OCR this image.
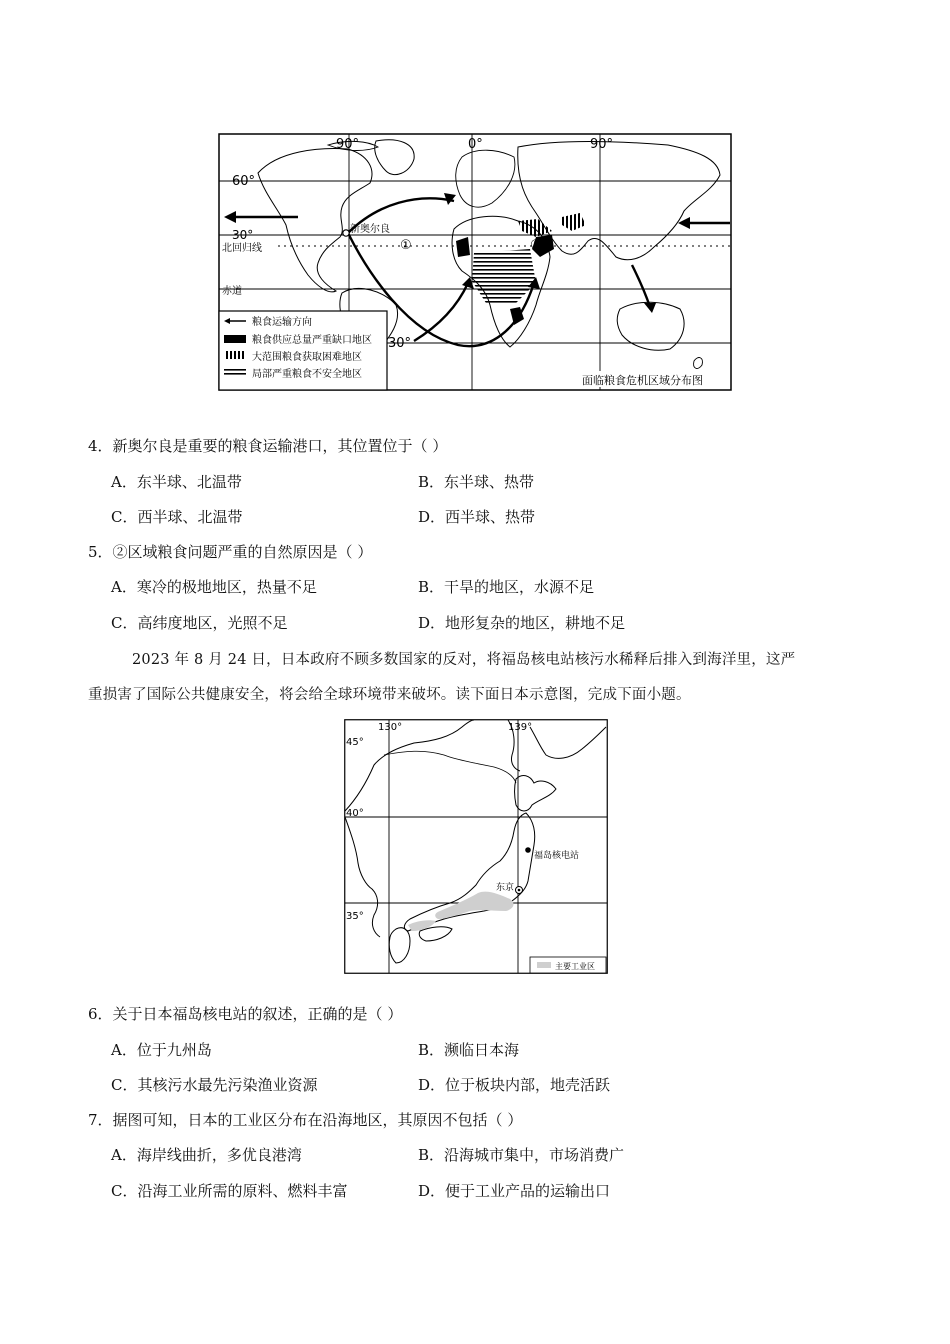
90°	0°	90°
60°
30°
30°
北回归线
赤道
新奥尔良
①	③
粮食运输方向
粮食供应总量严重缺口地区
大范围粮食获取困难地区
局部严重粮食不安全地区	面临粮食危机区域分布图
4．新奥尔良是重要的粮食运输港口，其位置位于（ ）
A．东半球、北温带	B．东半球、热带
C．西半球、北温带	D．西半球、热带
5．②区域粮食问题严重的自然原因是（ ）
A．寒冷的极地地区，热量不足	B．干旱的地区，水源不足
C．高纬度地区，光照不足	D．地形复杂的地区，耕地不足
2023 年 8 月 24 日，日本政府不顾多数国家的反对，将福岛核电站核污水稀释后排入到海洋里，这严
重损害了国际公共健康安全，将会给全球环境带来破坏。读下面日本示意图，完成下面小题。
130°	139°
45°
40°
35°
福岛核电站
东京
主要工业区
6．关于日本福岛核电站的叙述，正确的是（ ）
A．位于九州岛	B．濒临日本海
C．其核污水最先污染渔业资源	D．位于板块内部，地壳活跃
7．据图可知，日本的工业区分布在沿海地区，其原因不包括（ ）
A．海岸线曲折，多优良港湾	B．沿海城市集中，市场消费广
C．沿海工业所需的原料、燃料丰富	D．便于工业产品的运输出口
